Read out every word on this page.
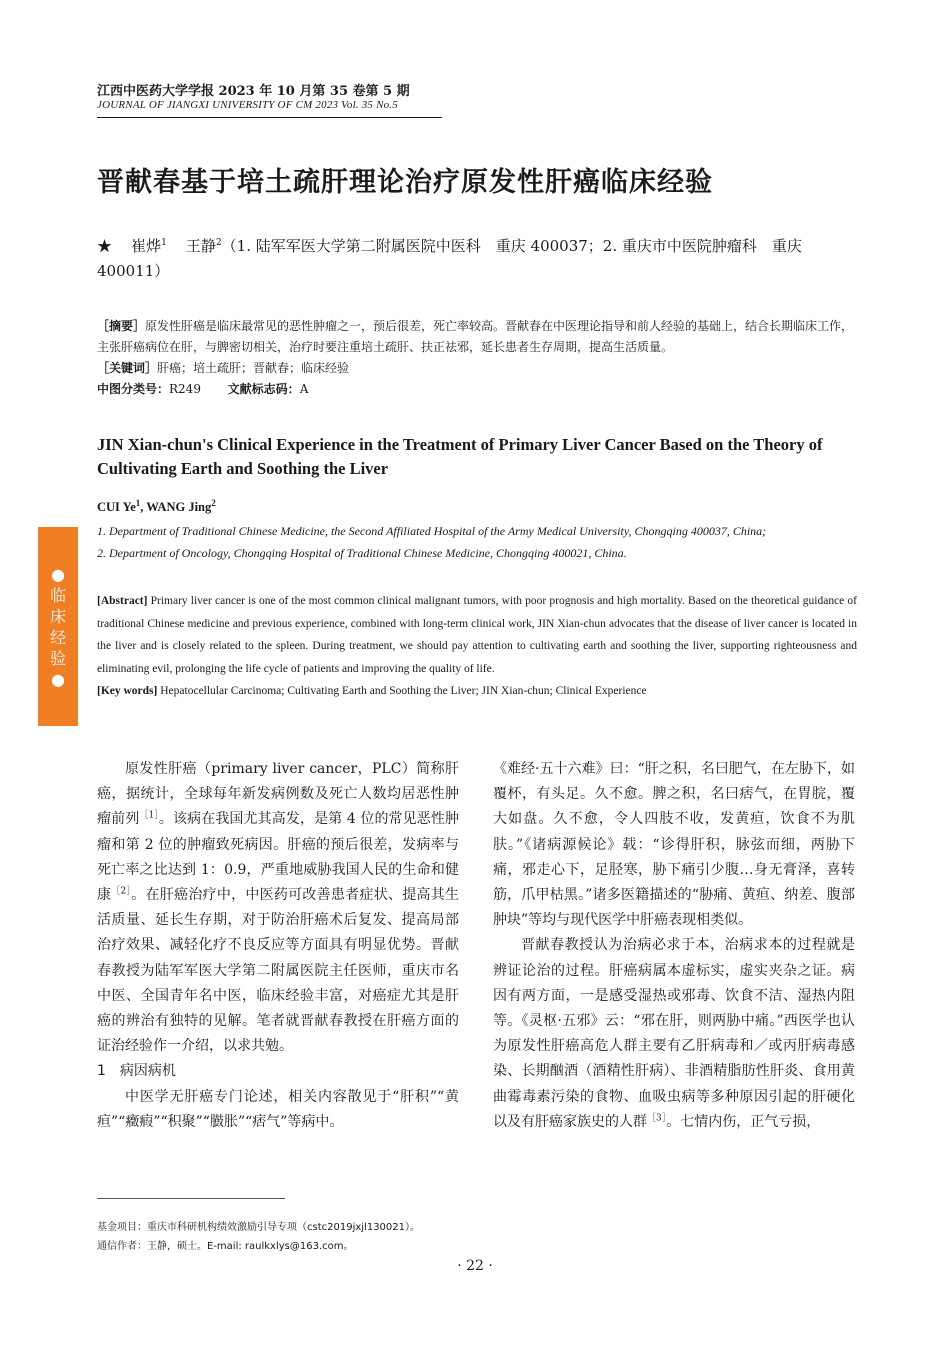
江西中医药大学学报 2023 年 10 月第 35 卷第 5 期
JOURNAL OF JIANGXI UNIVERSITY OF CM 2023 Vol. 35 No.5
晋献春基于培土疏肝理论治疗原发性肝癌临床经验
★ 崔烨$^1$ 王静$^2$（1. 陆军军医大学第二附属医院中医科　重庆 400037；2. 重庆市中医院肿瘤科　重庆 400011）
［摘要］原发性肝癌是临床最常见的恶性肿瘤之一，预后很差，死亡率较高。晋献春在中医理论指导和前人经验的基础上，结合长期临床工作，主张肝癌病位在肝，与脾密切相关，治疗时要注重培土疏肝、扶正祛邪，延长患者生存周期，提高生活质量。
［关键词］肝癌；培土疏肝；晋献春；临床经验
中图分类号：R249 文献标志码：A
JIN Xian-chun's Clinical Experience in the Treatment of Primary Liver Cancer Based on the Theory of Cultivating Earth and Soothing the Liver
CUI Ye$^1$, WANG Jing$^2$
1. Department of Traditional Chinese Medicine, the Second Affiliated Hospital of the Army Medical University, Chongqing 400037, China;
2. Department of Oncology, Chongqing Hospital of Traditional Chinese Medicine, Chongqing 400021, China.
[Abstract] Primary liver cancer is one of the most common clinical malignant tumors, with poor prognosis and high mortality. Based on the theoretical guidance of traditional Chinese medicine and previous experience, combined with long-term clinical work, JIN Xian-chun advocates that the disease of liver cancer is located in the liver and is closely related to the spleen. During treatment, we should pay attention to cultivating earth and soothing the liver, supporting righteousness and eliminating evil, prolonging the life cycle of patients and improving the quality of life.
[Key words] Hepatocellular Carcinoma; Cultivating Earth and Soothing the Liver; JIN Xian-chun; Clinical Experience
●
临
床
经
验
●

原发性肝癌（primary liver cancer，PLC）简称肝癌，据统计，全球每年新发病例数及死亡人数均居恶性肿瘤前列$^{[1]}$。该病在我国尤其高发，是第 4 位的常见恶性肿瘤和第 2 位的肿瘤致死病因。肝癌的预后很差，发病率与死亡率之比达到 1：0.9，严重地威胁我国人民的生命和健康$^{[2]}$。在肝癌治疗中，中医药可改善患者症状、提高其生活质量、延长生存期，对于防治肝癌术后复发、提高局部治疗效果、减轻化疗不良反应等方面具有明显优势。晋献春教授为陆军军医大学第二附属医院主任医师，重庆市名中医、全国青年名中医，临床经验丰富，对癌症尤其是肝癌的辨治有独特的见解。笔者就晋献春教授在肝癌方面的证治经验作一介绍，以求共勉。

1　病因病机

中医学无肝癌专门论述，相关内容散见于“肝积”“黄疸”“癥瘕”“积聚”“臌胀”“痞气”等病中。

《难经·五十六难》曰：“肝之积，名曰肥气，在左胁下，如覆杯，有头足。久不愈。脾之积，名曰痞气，在胃脘，覆大如盘。久不愈，令人四肢不收，发黄疸，饮食不为肌肤。”《诸病源候论》载：“诊得肝积，脉弦而细，两胁下痛，邪走心下，足胫寒，胁下痛引少腹…身无膏泽，喜转筋，爪甲枯黑。”诸多医籍描述的“胁痛、黄疸、纳差、腹部肿块”等均与现代医学中肝癌表现相类似。

晋献春教授认为治病必求于本，治病求本的过程就是辨证论治的过程。肝癌病属本虚标实，虚实夹杂之证。病因有两方面，一是感受湿热或邪毒、饮食不洁、湿热内阻等。《灵枢·五邪》云：“邪在肝，则两胁中痛。”西医学也认为原发性肝癌高危人群主要有乙肝病毒和／或丙肝病毒感染、长期酗酒（酒精性肝病）、非酒精脂肪性肝炎、食用黄曲霉毒素污染的食物、血吸虫病等多种原因引起的肝硬化以及有肝癌家族史的人群$^{[3]}$。七情内伤，正气亏损，

基金项目：重庆市科研机构绩效激励引导专项（cstc2019jxjl130021）。
通信作者：王静，硕士。E-mail: raulkxlys@163.com。
· 22 ·
